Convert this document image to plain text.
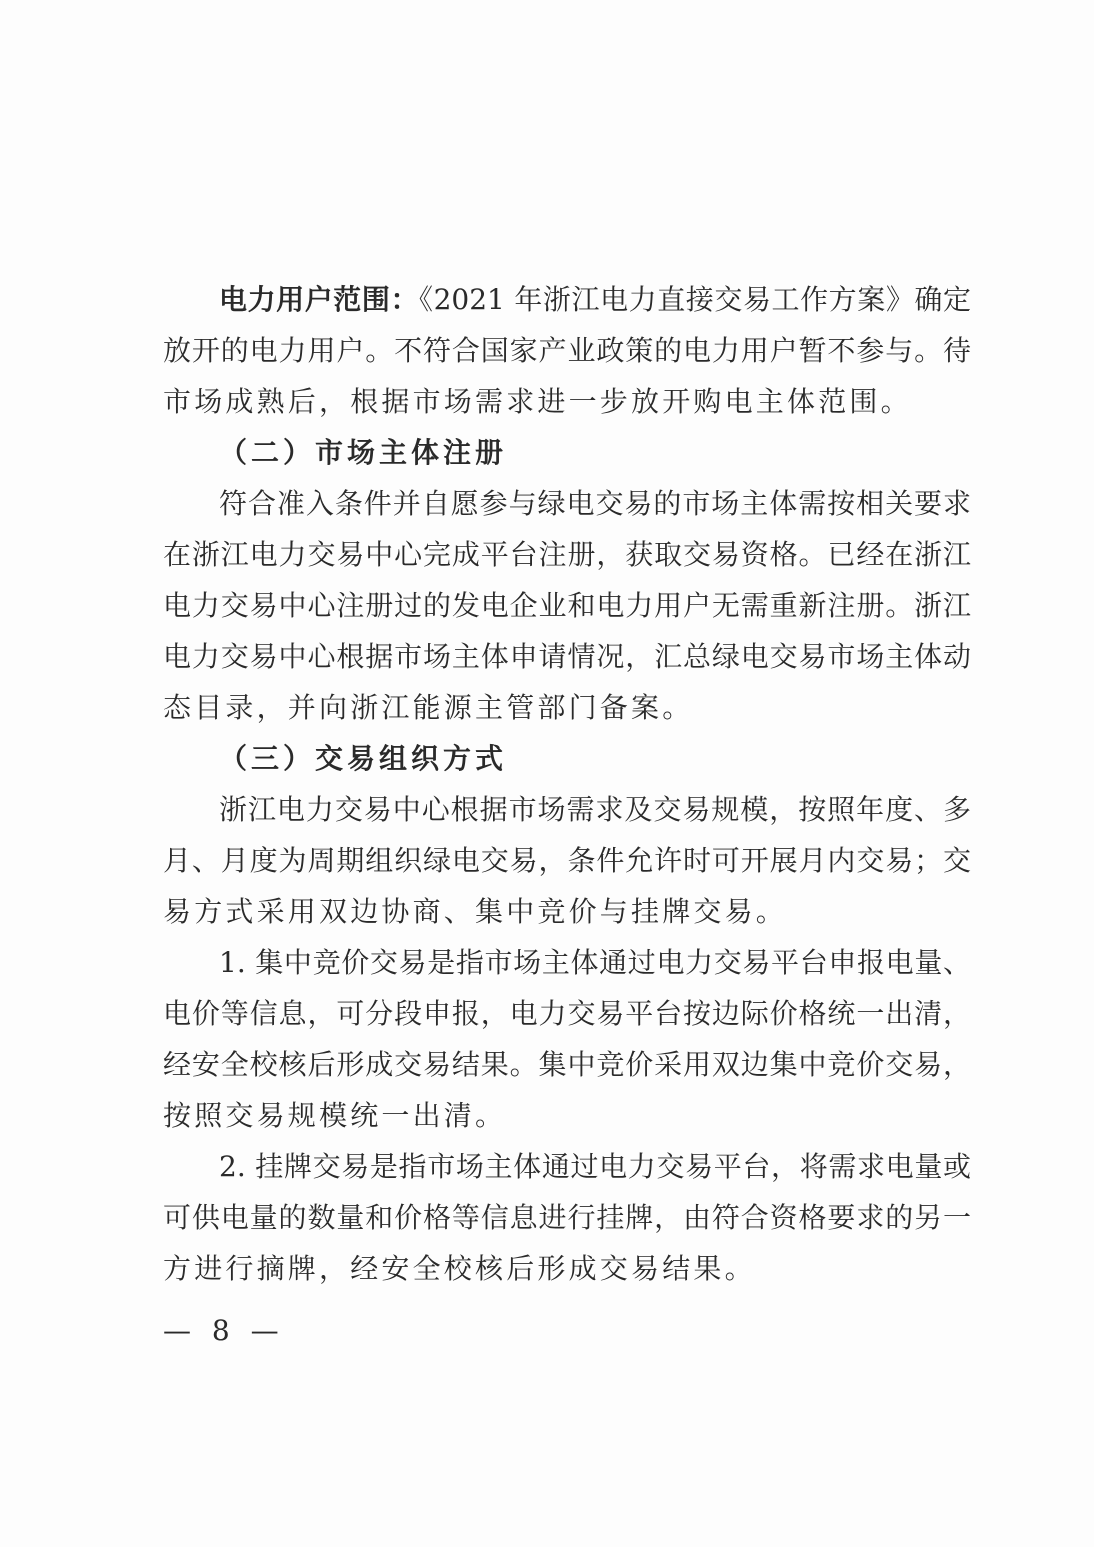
电力用户范围：《2021 年浙江电力直接交易工作方案》确定
放开的电力用户。不符合国家产业政策的电力用户暂不参与。待
市场成熟后，根据市场需求进一步放开购电主体范围。
（二）市场主体注册
符合准入条件并自愿参与绿电交易的市场主体需按相关要求
在浙江电力交易中心完成平台注册，获取交易资格。已经在浙江
电力交易中心注册过的发电企业和电力用户无需重新注册。浙江
电力交易中心根据市场主体申请情况，汇总绿电交易市场主体动
态目录，并向浙江能源主管部门备案。
（三）交易组织方式
浙江电力交易中心根据市场需求及交易规模，按照年度、多
月、月度为周期组织绿电交易，条件允许时可开展月内交易；交
易方式采用双边协商、集中竞价与挂牌交易。
1. 集中竞价交易是指市场主体通过电力交易平台申报电量、
电价等信息，可分段申报，电力交易平台按边际价格统一出清，
经安全校核后形成交易结果。集中竞价采用双边集中竞价交易，
按照交易规模统一出清。
2. 挂牌交易是指市场主体通过电力交易平台，将需求电量或
可供电量的数量和价格等信息进行挂牌，由符合资格要求的另一
方进行摘牌，经安全校核后形成交易结果。
— 8 —
